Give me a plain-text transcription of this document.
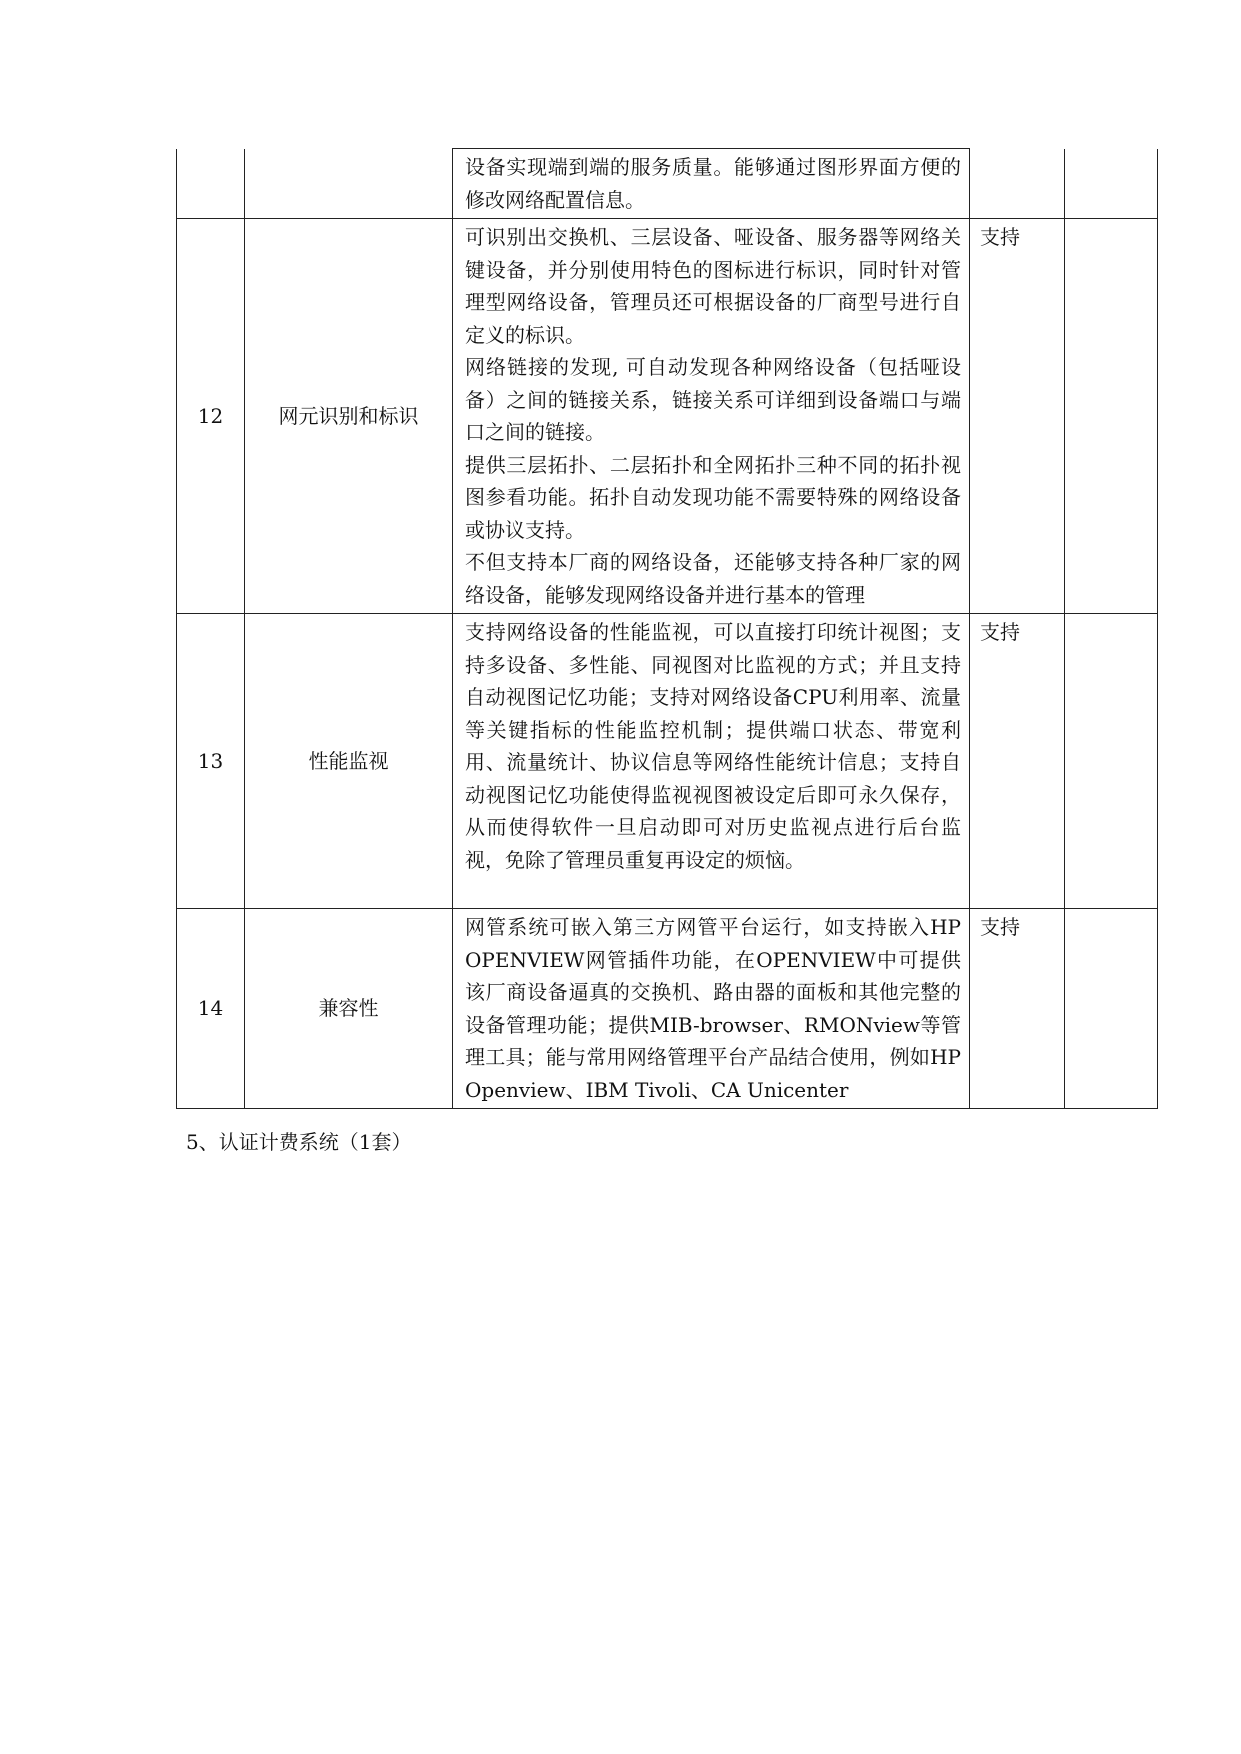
		设备实现端到端的服务质量。能够通过图形界面方便的修改网络配置信息。		

12	网元识别和标识	可识别出交换机、三层设备、哑设备、服务器等网络关键设备，并分别使用特色的图标进行标识，同时针对管理型网络设备，管理员还可根据设备的厂商型号进行自定义的标识。
网络链接的发现, 可自动发现各种网络设备（包括哑设备）之间的链接关系，链接关系可详细到设备端口与端口之间的链接。
提供三层拓扑、二层拓扑和全网拓扑三种不同的拓扑视图参看功能。拓扑自动发现功能不需要特殊的网络设备或协议支持。
不但支持本厂商的网络设备，还能够支持各种厂家的网络设备，能够发现网络设备并进行基本的管理	支持	
13	性能监视	支持网络设备的性能监视，可以直接打印统计视图；支持多设备、多性能、同视图对比监视的方式；并且支持自动视图记忆功能；支持对网络设备CPU利用率、流量等关键指标的性能监控机制；提供端口状态、带宽利用、流量统计、协议信息等网络性能统计信息；支持自动视图记忆功能使得监视视图被设定后即可永久保存，从而使得软件一旦启动即可对历史监视点进行后台监视，免除了管理员重复再设定的烦恼。	支持	
14	兼容性	网管系统可嵌入第三方网管平台运行，如支持嵌入HP OPENVIEW网管插件功能，在OPENVIEW中可提供该厂商设备逼真的交换机、路由器的面板和其他完整的设备管理功能；提供MIB-browser、RMONview等管理工具；能与常用网络管理平台产品结合使用，例如HP Openview、IBM Tivoli、CA Unicenter	支持	
5、认证计费系统（1套）
